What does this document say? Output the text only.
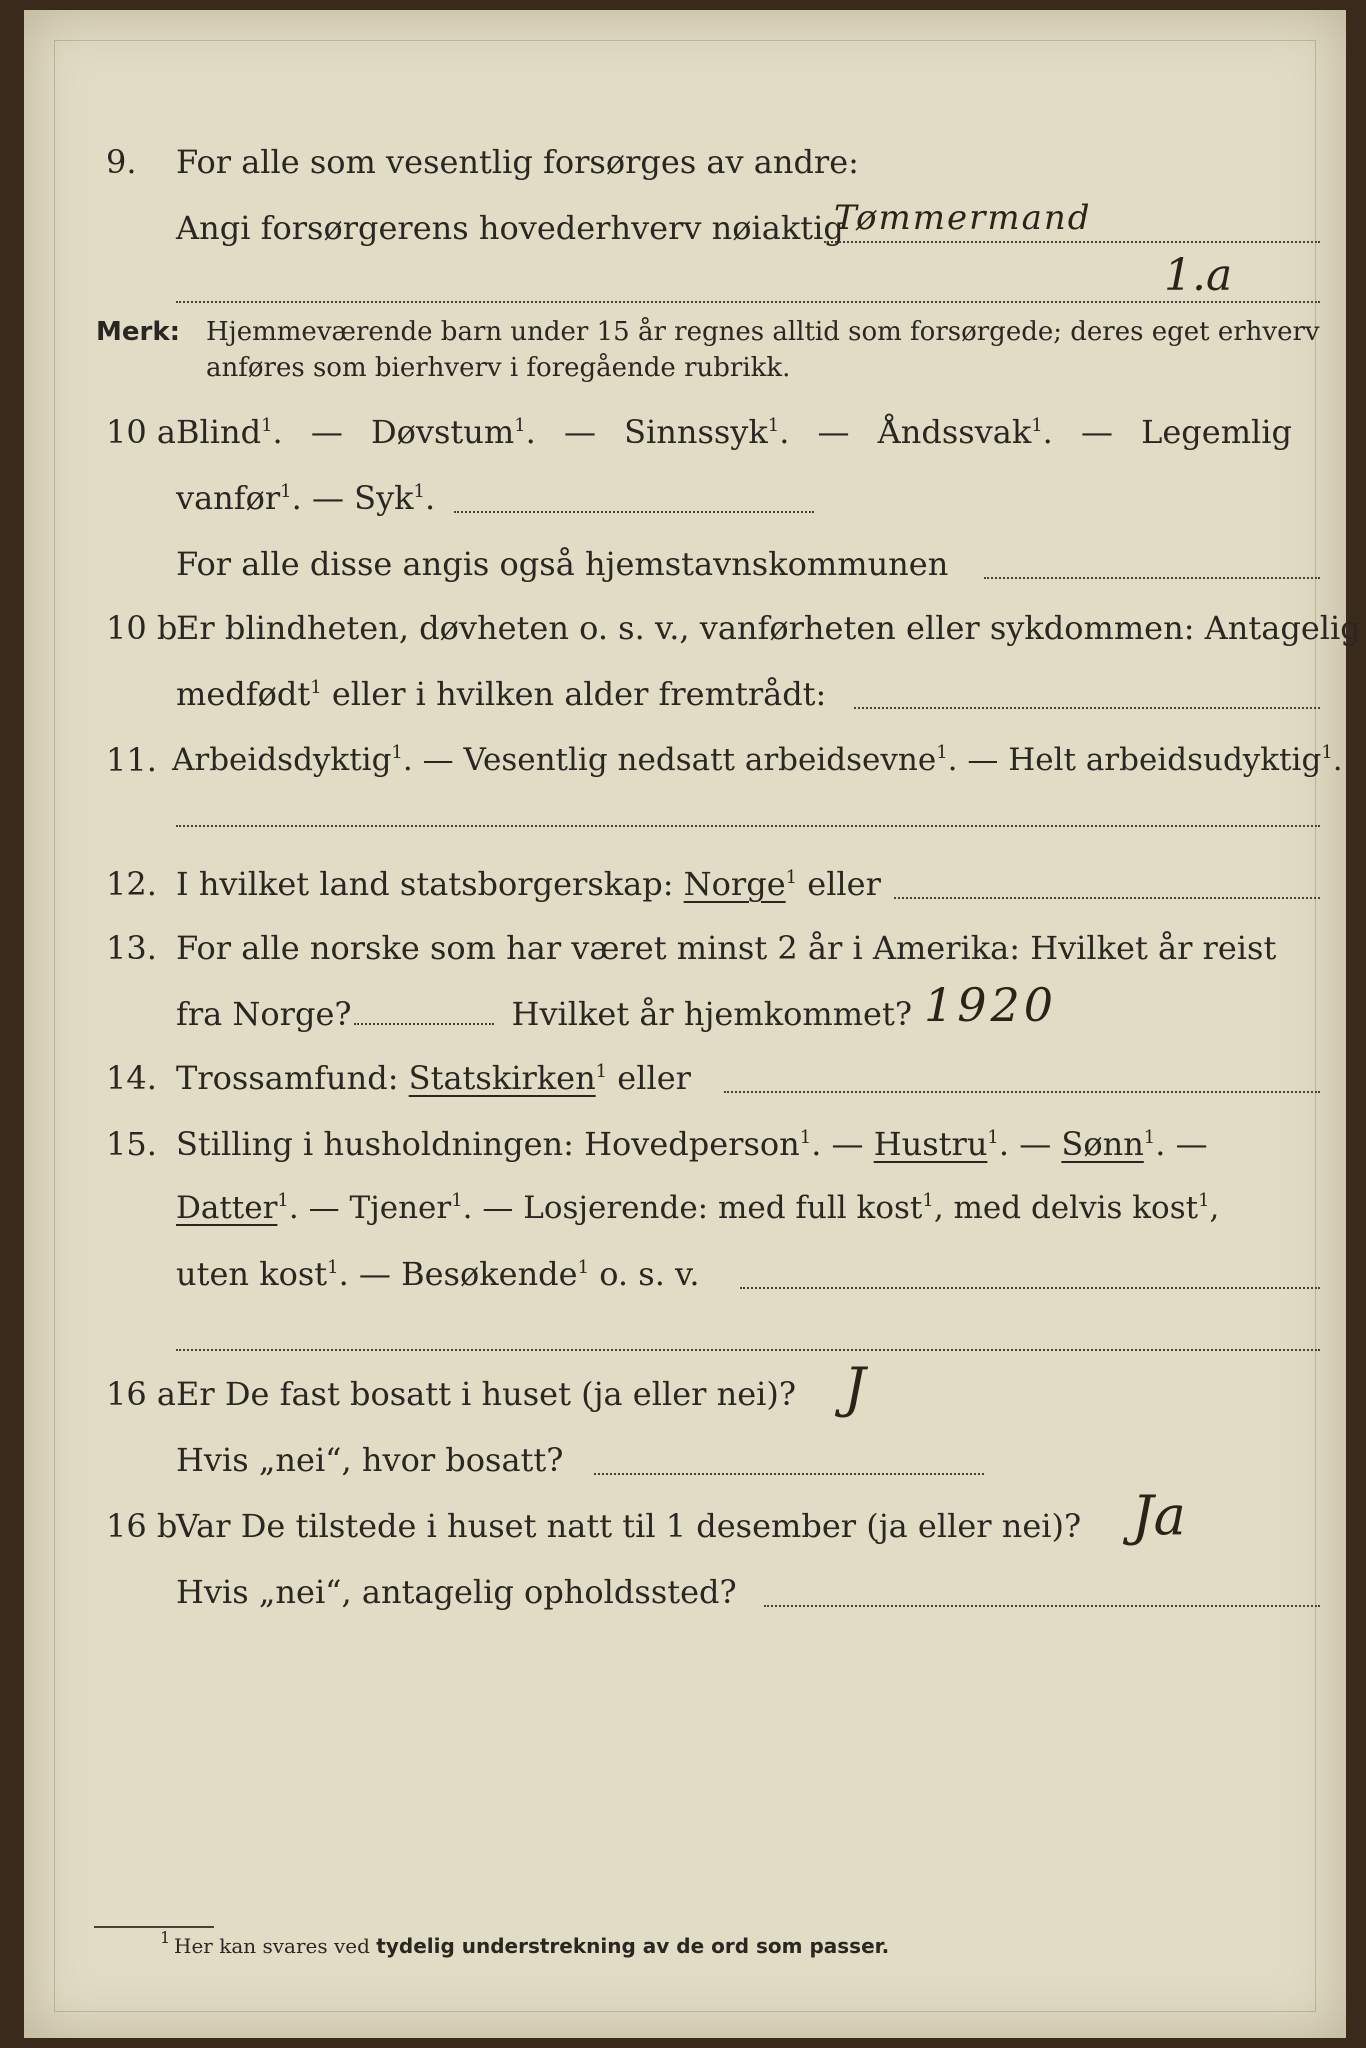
9.	For alle som vesentlig forsørges av andre:
Angi forsørgerens hovederhverv nøiaktig
Tømmermand
1.a
Merk: Hjemmeværende barn under 15 år regnes alltid som forsørgede; deres eget erhverv
anføres som bierhverv i foregående rubrikk.
10 a Blind$^1$. — Døvstum$^1$. — Sinnssyk$^1$. — Åndssvak$^1$. — Legemlig
vanfør$^1$. — Syk$^1$.
For alle disse angis også hjemstavnskommunen
10 b
Er blindheten, døvheten o. s. v., vanførheten eller sykdommen: Antagelig
medfødt$^1$ eller i hvilken alder fremtrådt:
11. Arbeidsdyktig$^1$. — Vesentlig nedsatt arbeidsevne$^1$. — Helt arbeidsudyktig$^1$.
12. I hvilket land statsborgerskap: Norge$^1$ eller
13. For alle norske som har været minst 2 år i Amerika: Hvilket år reist
fra Norge?	Hvilket år hjemkommet? 1920
14. Trossamfund: Statskirken$^1$ eller
15. Stilling i husholdningen: Hovedperson$^1$. — Hustru$^1$. — Sønn$^1$. —
Datter$^1$. — Tjener$^1$. — Losjerende: med full kost$^1$, med delvis kost$^1$,
uten kost$^1$. — Besøkende$^1$ o. s. v.
16 a Er De fast bosatt i huset (ja eller nei)? J
Hvis „nei“, hvor bosatt?
16 b
Var De tilstede i huset natt til 1 desember (ja eller nei)? Ja
Hvis „nei“, antagelig opholdssted?
1 Her kan svares ved tydelig understrekning av de ord som passer.
